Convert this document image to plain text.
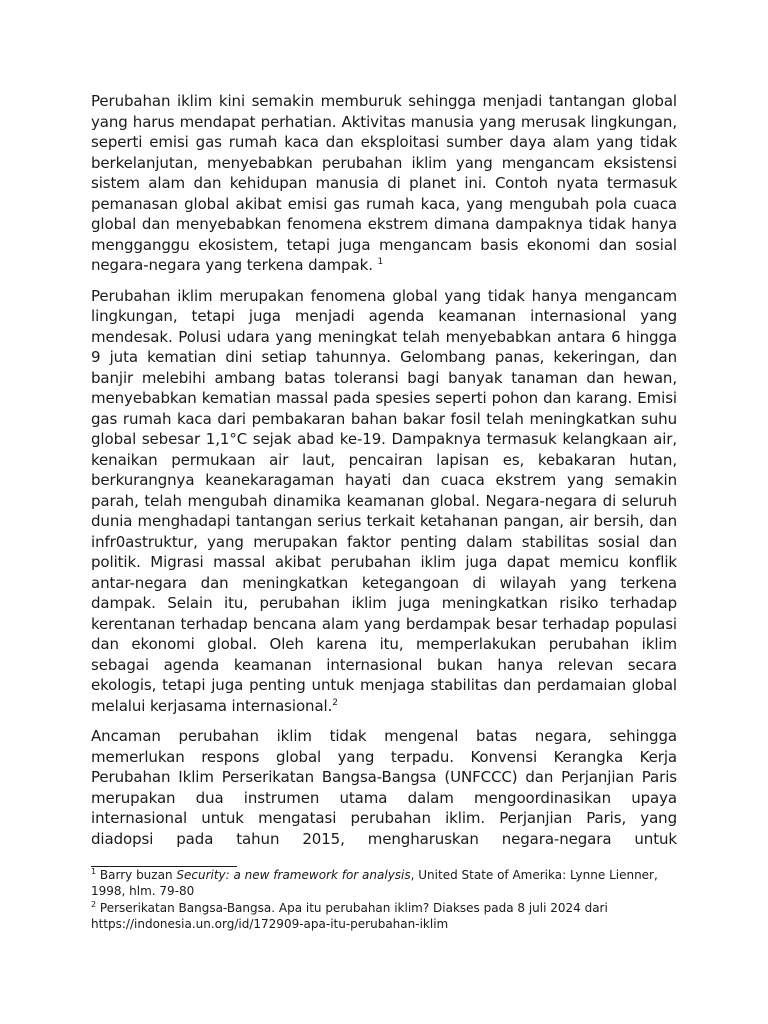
Perubahan iklim kini semakin memburuk sehingga menjadi tantangan global yang harus mendapat perhatian. Aktivitas manusia yang merusak lingkungan, seperti emisi gas rumah kaca dan eksploitasi sumber daya alam yang tidak berkelanjutan, menyebabkan perubahan iklim yang mengancam eksistensi sistem alam dan kehidupan manusia di planet ini. Contoh nyata termasuk pemanasan global akibat emisi gas rumah kaca, yang mengubah pola cuaca global dan menyebabkan fenomena ekstrem dimana dampaknya tidak hanya mengganggu ekosistem, tetapi juga mengancam basis ekonomi dan sosial negara-negara yang terkena dampak. $^1$

Perubahan iklim merupakan fenomena global yang tidak hanya mengancam lingkungan, tetapi juga menjadi agenda keamanan internasional yang mendesak. Polusi udara yang meningkat telah menyebabkan antara 6 hingga 9 juta kematian dini setiap tahunnya. Gelombang panas, kekeringan, dan banjir melebihi ambang batas toleransi bagi banyak tanaman dan hewan, menyebabkan kematian massal pada spesies seperti pohon dan karang. Emisi gas rumah kaca dari pembakaran bahan bakar fosil telah meningkatkan suhu global sebesar 1,1°C sejak abad ke-19. Dampaknya termasuk kelangkaan air, kenaikan permukaan air laut, pencairan lapisan es, kebakaran hutan, berkurangnya keanekaragaman hayati dan cuaca ekstrem yang semakin parah, telah mengubah dinamika keamanan global. Negara-negara di seluruh dunia menghadapi tantangan serius terkait ketahanan pangan, air bersih, dan infr0astruktur, yang merupakan faktor penting dalam stabilitas sosial dan politik. Migrasi massal akibat perubahan iklim juga dapat memicu konflik antar-negara dan meningkatkan ketegangoan di wilayah yang terkena dampak. Selain itu, perubahan iklim juga meningkatkan risiko terhadap kerentanan terhadap bencana alam yang berdampak besar terhadap populasi dan ekonomi global. Oleh karena itu, memperlakukan perubahan iklim sebagai agenda keamanan internasional bukan hanya relevan secara ekologis, tetapi juga penting untuk menjaga stabilitas dan perdamaian global melalui kerjasama internasional.$^2$

Ancaman perubahan iklim tidak mengenal batas negara, sehingga memerlukan respons global yang terpadu. Konvensi Kerangka Kerja Perubahan Iklim Perserikatan Bangsa-Bangsa (UNFCCC) dan Perjanjian Paris merupakan dua instrumen utama dalam mengoordinasikan upaya internasional untuk mengatasi perubahan iklim. Perjanjian Paris, yang diadopsi pada tahun 2015, mengharuskan negara-negara untuk

$^1$ Barry buzan Security: a new framework for analysis, United State of Amerika: Lynne Lienner, 1998, hlm. 79-80

$^2$ Perserikatan Bangsa-Bangsa. Apa itu perubahan iklim? Diakses pada 8 juli 2024 dari https://indonesia.un.org/id/172909-apa-itu-perubahan-iklim
